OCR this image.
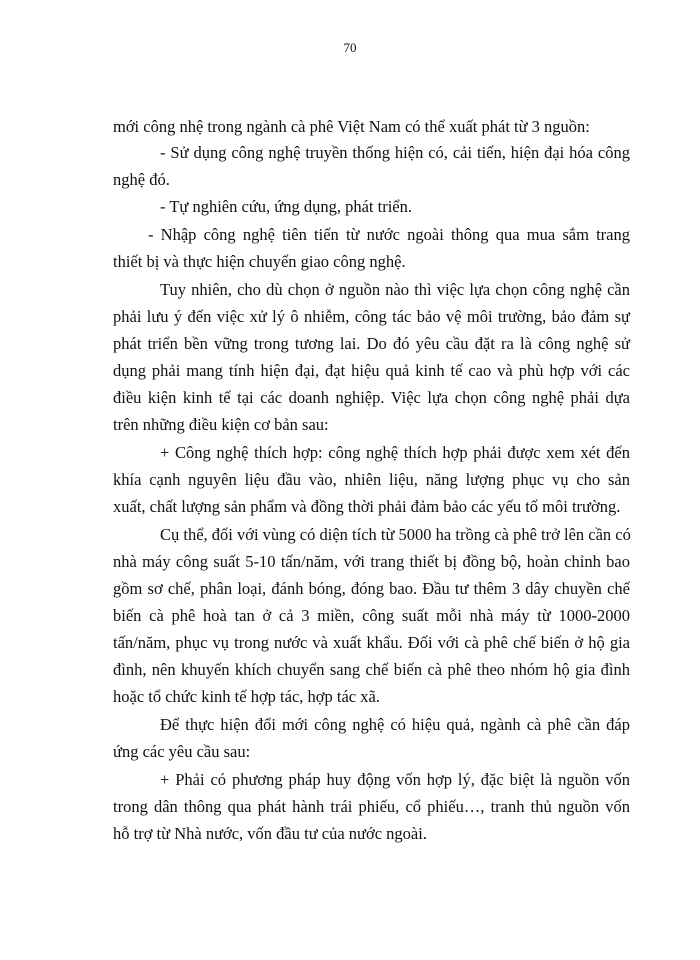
70
mới công nhệ trong ngành cà phê Việt Nam có thể xuất phát từ 3 nguồn:
- Sử dụng công nghệ truyền thống hiện có, cải tiến, hiện đại hóa công
nghệ đó.
- Tự nghiên cứu, ứng dụng, phát triển.
- Nhập công nghệ tiên tiến từ nước ngoài thông qua mua sắm trang
thiết bị và thực hiện chuyển giao công nghệ.
Tuy nhiên, cho dù chọn ở nguồn nào thì việc lựa chọn công nghệ cần
phải lưu ý đến việc xử lý ô nhiễm, công tác bảo vệ môi trường, bảo đảm sự
phát triển bền vững trong tương lai. Do đó yêu cầu đặt ra là công nghệ sử
dụng phải mang tính hiện đại, đạt hiệu quả kinh tế cao và phù hợp với các
điều kiện kinh tế tại các doanh nghiệp. Việc lựa chọn công nghệ phải dựa
trên những điều kiện cơ bản sau:
+ Công nghệ thích hợp: công nghệ thích hợp phải được xem xét đến
khía cạnh nguyên liệu đầu vào, nhiên liệu, năng lượng phục vụ cho sản
xuất, chất lượng sản phẩm và đồng thời phải đảm bảo các yếu tố môi trường.
Cụ thể, đối với vùng có diện tích từ 5000 ha trồng cà phê trở lên cần có
nhà máy công suất 5-10 tấn/năm, với trang thiết bị đồng bộ, hoàn chỉnh bao
gồm sơ chế, phân loại, đánh bóng, đóng bao. Đầu tư thêm 3 dây chuyền chế
biến cà phê hoà tan ở cả 3 miền, công suất mỗi nhà máy từ 1000-2000
tấn/năm, phục vụ trong nước và xuất khẩu. Đối với cà phê chế biến ở hộ gia
đình, nên khuyến khích chuyển sang chế biến cà phê theo nhóm hộ gia đình
hoặc tổ chức kinh tế hợp tác, hợp tác xã.
Để thực hiện đổi mới công nghệ có hiệu quả, ngành cà phê cần đáp
ứng các yêu cầu sau:
+ Phải có phương pháp huy động vốn hợp lý, đặc biệt là nguồn vốn
trong dân thông qua phát hành trái phiếu, cổ phiếu…, tranh thủ nguồn vốn
hỗ trợ từ Nhà nước, vốn đầu tư của nước ngoài.
